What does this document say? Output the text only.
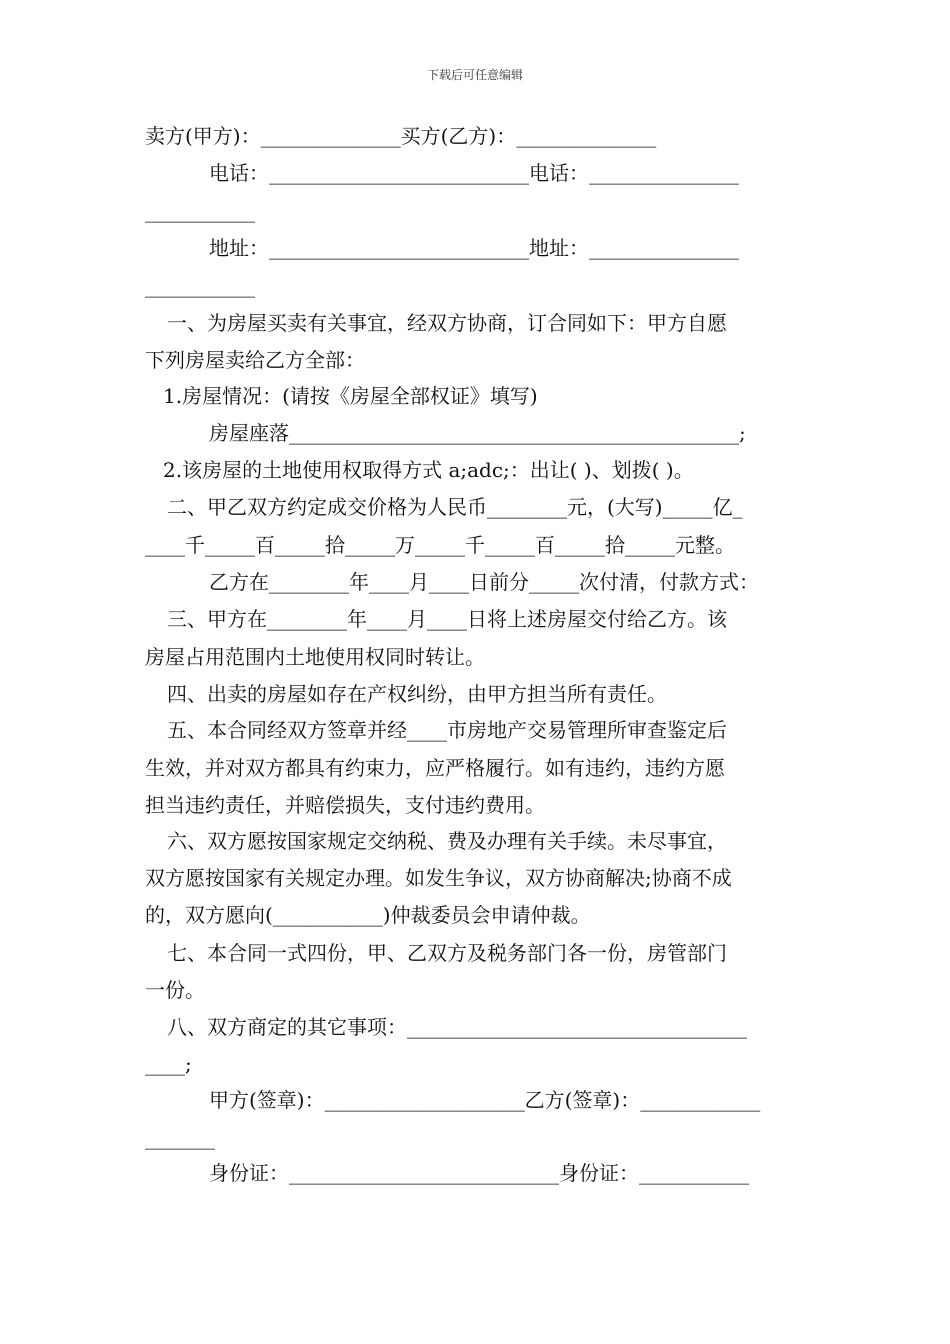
下载后可任意编辑
卖方(甲方)：______________买方(乙方)：______________
电话：__________________________电话：_______________
___________
地址：__________________________地址：_______________
___________
一、为房屋买卖有关事宜，经双方协商，订合同如下：甲方自愿
下列房屋卖给乙方全部：
1.房屋情况：(请按《房屋全部权证》填写)
房屋座落_____________________________________________;
2.该房屋的土地使用权取得方式 a;adc;：出让( )、划拨( )。
二、甲乙双方约定成交价格为人民币________元，(大写)_____亿_
____千_____百_____拾_____万_____千_____百_____拾_____元整。
乙方在________年____月____日前分_____次付清，付款方式：
三、甲方在________年____月____日将上述房屋交付给乙方。该
房屋占用范围内土地使用权同时转让。
四、出卖的房屋如存在产权纠纷，由甲方担当所有责任。
五、本合同经双方签章并经____市房地产交易管理所审查鉴定后
生效，并对双方都具有约束力，应严格履行。如有违约，违约方愿
担当违约责任，并赔偿损失，支付违约费用。
六、双方愿按国家规定交纳税、费及办理有关手续。未尽事宜，
双方愿按国家有关规定办理。如发生争议，双方协商解决;协商不成
的，双方愿向(___________)仲裁委员会申请仲裁。
七、本合同一式四份，甲、乙双方及税务部门各一份，房管部门
一份。
八、双方商定的其它事项：__________________________________
____;
甲方(签章)：____________________乙方(签章)：____________
_______
身份证：___________________________身份证：___________
